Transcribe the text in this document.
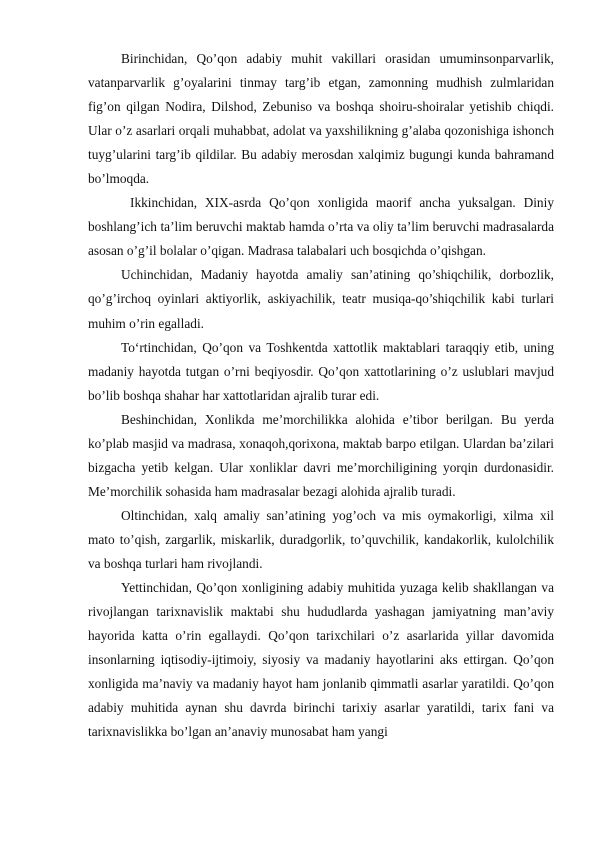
Birinchidan, Qo’qon adabiy muhit vakillari orasidan umuminsonparvarlik, vatanparvarlik g’oyalarini tinmay targ’ib etgan, zamonning mudhish zulmlaridan fig’on qilgan Nodira, Dilshod, Zebuniso va boshqa shoiru-shoiralar yetishib chiqdi. Ular o’z asarlari orqali muhabbat, adolat va yaxshilikning g’alaba qozonishiga ishonch tuyg’ularini targ’ib qildilar. Bu adabiy merosdan xalqimiz bugungi kunda bahramand bo’lmoqda.

Ikkinchidan, XIX-asrda Qo’qon xonligida maorif ancha yuksalgan. Diniy boshlang’ich ta’lim beruvchi maktab hamda o’rta va oliy ta’lim beruvchi madrasalarda asosan o’g’il bolalar o’qigan. Madrasa talabalari uch bosqichda o’qishgan.

Uchinchidan, Madaniy hayotda amaliy san’atining qo’shiqchilik, dorbozlik, qo’g’irchoq oyinlari aktiyorlik, askiyachilik, teatr musiqa-qo’shiqchilik kabi turlari muhim o’rin egalladi.

To‘rtinchidan, Qo’qon va Toshkentda xattotlik maktablari taraqqiy etib, uning madaniy hayotda tutgan o’rni beqiyosdir. Qo’qon xattotlarining o’z uslublari mavjud bo’lib boshqa shahar har xattotlaridan ajralib turar edi.

Beshinchidan, Xonlikda me’morchilikka alohida e’tibor berilgan. Bu yerda ko’plab masjid va madrasa, xonaqoh,qorixona, maktab barpo etilgan. Ulardan ba’zilari bizgacha yetib kelgan. Ular xonliklar davri me’morchiligining yorqin durdonasidir. Me’morchilik sohasida ham madrasalar bezagi alohida ajralib turadi.

Oltinchidan, xalq amaliy san’atining yog’och va mis oymakorligi, xilma xil mato to’qish, zargarlik, miskarlik, duradgorlik, to’quvchilik, kandakorlik, kulolchilik va boshqa turlari ham rivojlandi.

Yettinchidan, Qo’qon xonligining adabiy muhitida yuzaga kelib shakllangan va rivojlangan tarixnavislik maktabi shu hududlarda yashagan jamiyatning man’aviy hayorida katta o’rin egallaydi. Qo’qon tarixchilari o’z asarlarida yillar davomida insonlarning iqtisodiy-ijtimoiy, siyosiy va madaniy hayotlarini aks ettirgan. Qo’qon xonligida ma’naviy va madaniy hayot ham jonlanib qimmatli asarlar yaratildi. Qo’qon adabiy muhitida aynan shu davrda birinchi tarixiy asarlar yaratildi, tarix fani va tarixnavislikka bo’lgan an’anaviy munosabat ham yangi
